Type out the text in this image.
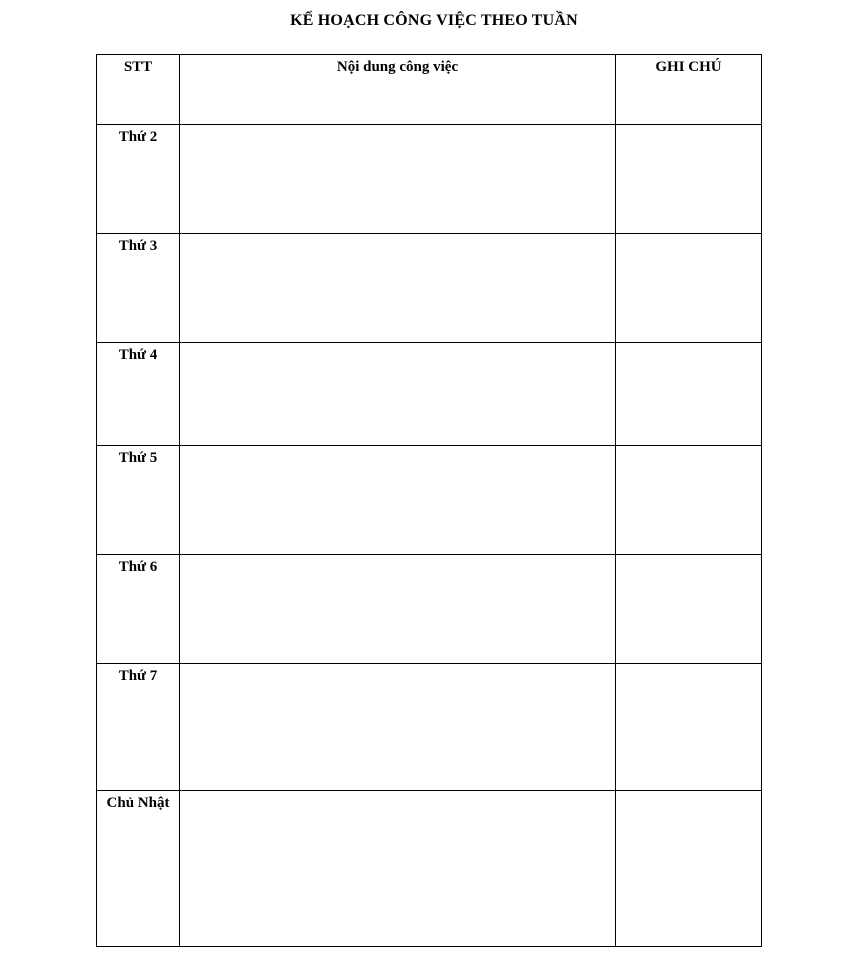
KẾ HOẠCH CÔNG VIỆC THEO TUẦN
STT	Nội dung công việc	GHI CHÚ

Thứ 2		

Thứ 3		

Thứ 4		

Thứ 5		

Thứ 6		

Thứ 7		

Chủ Nhật		
